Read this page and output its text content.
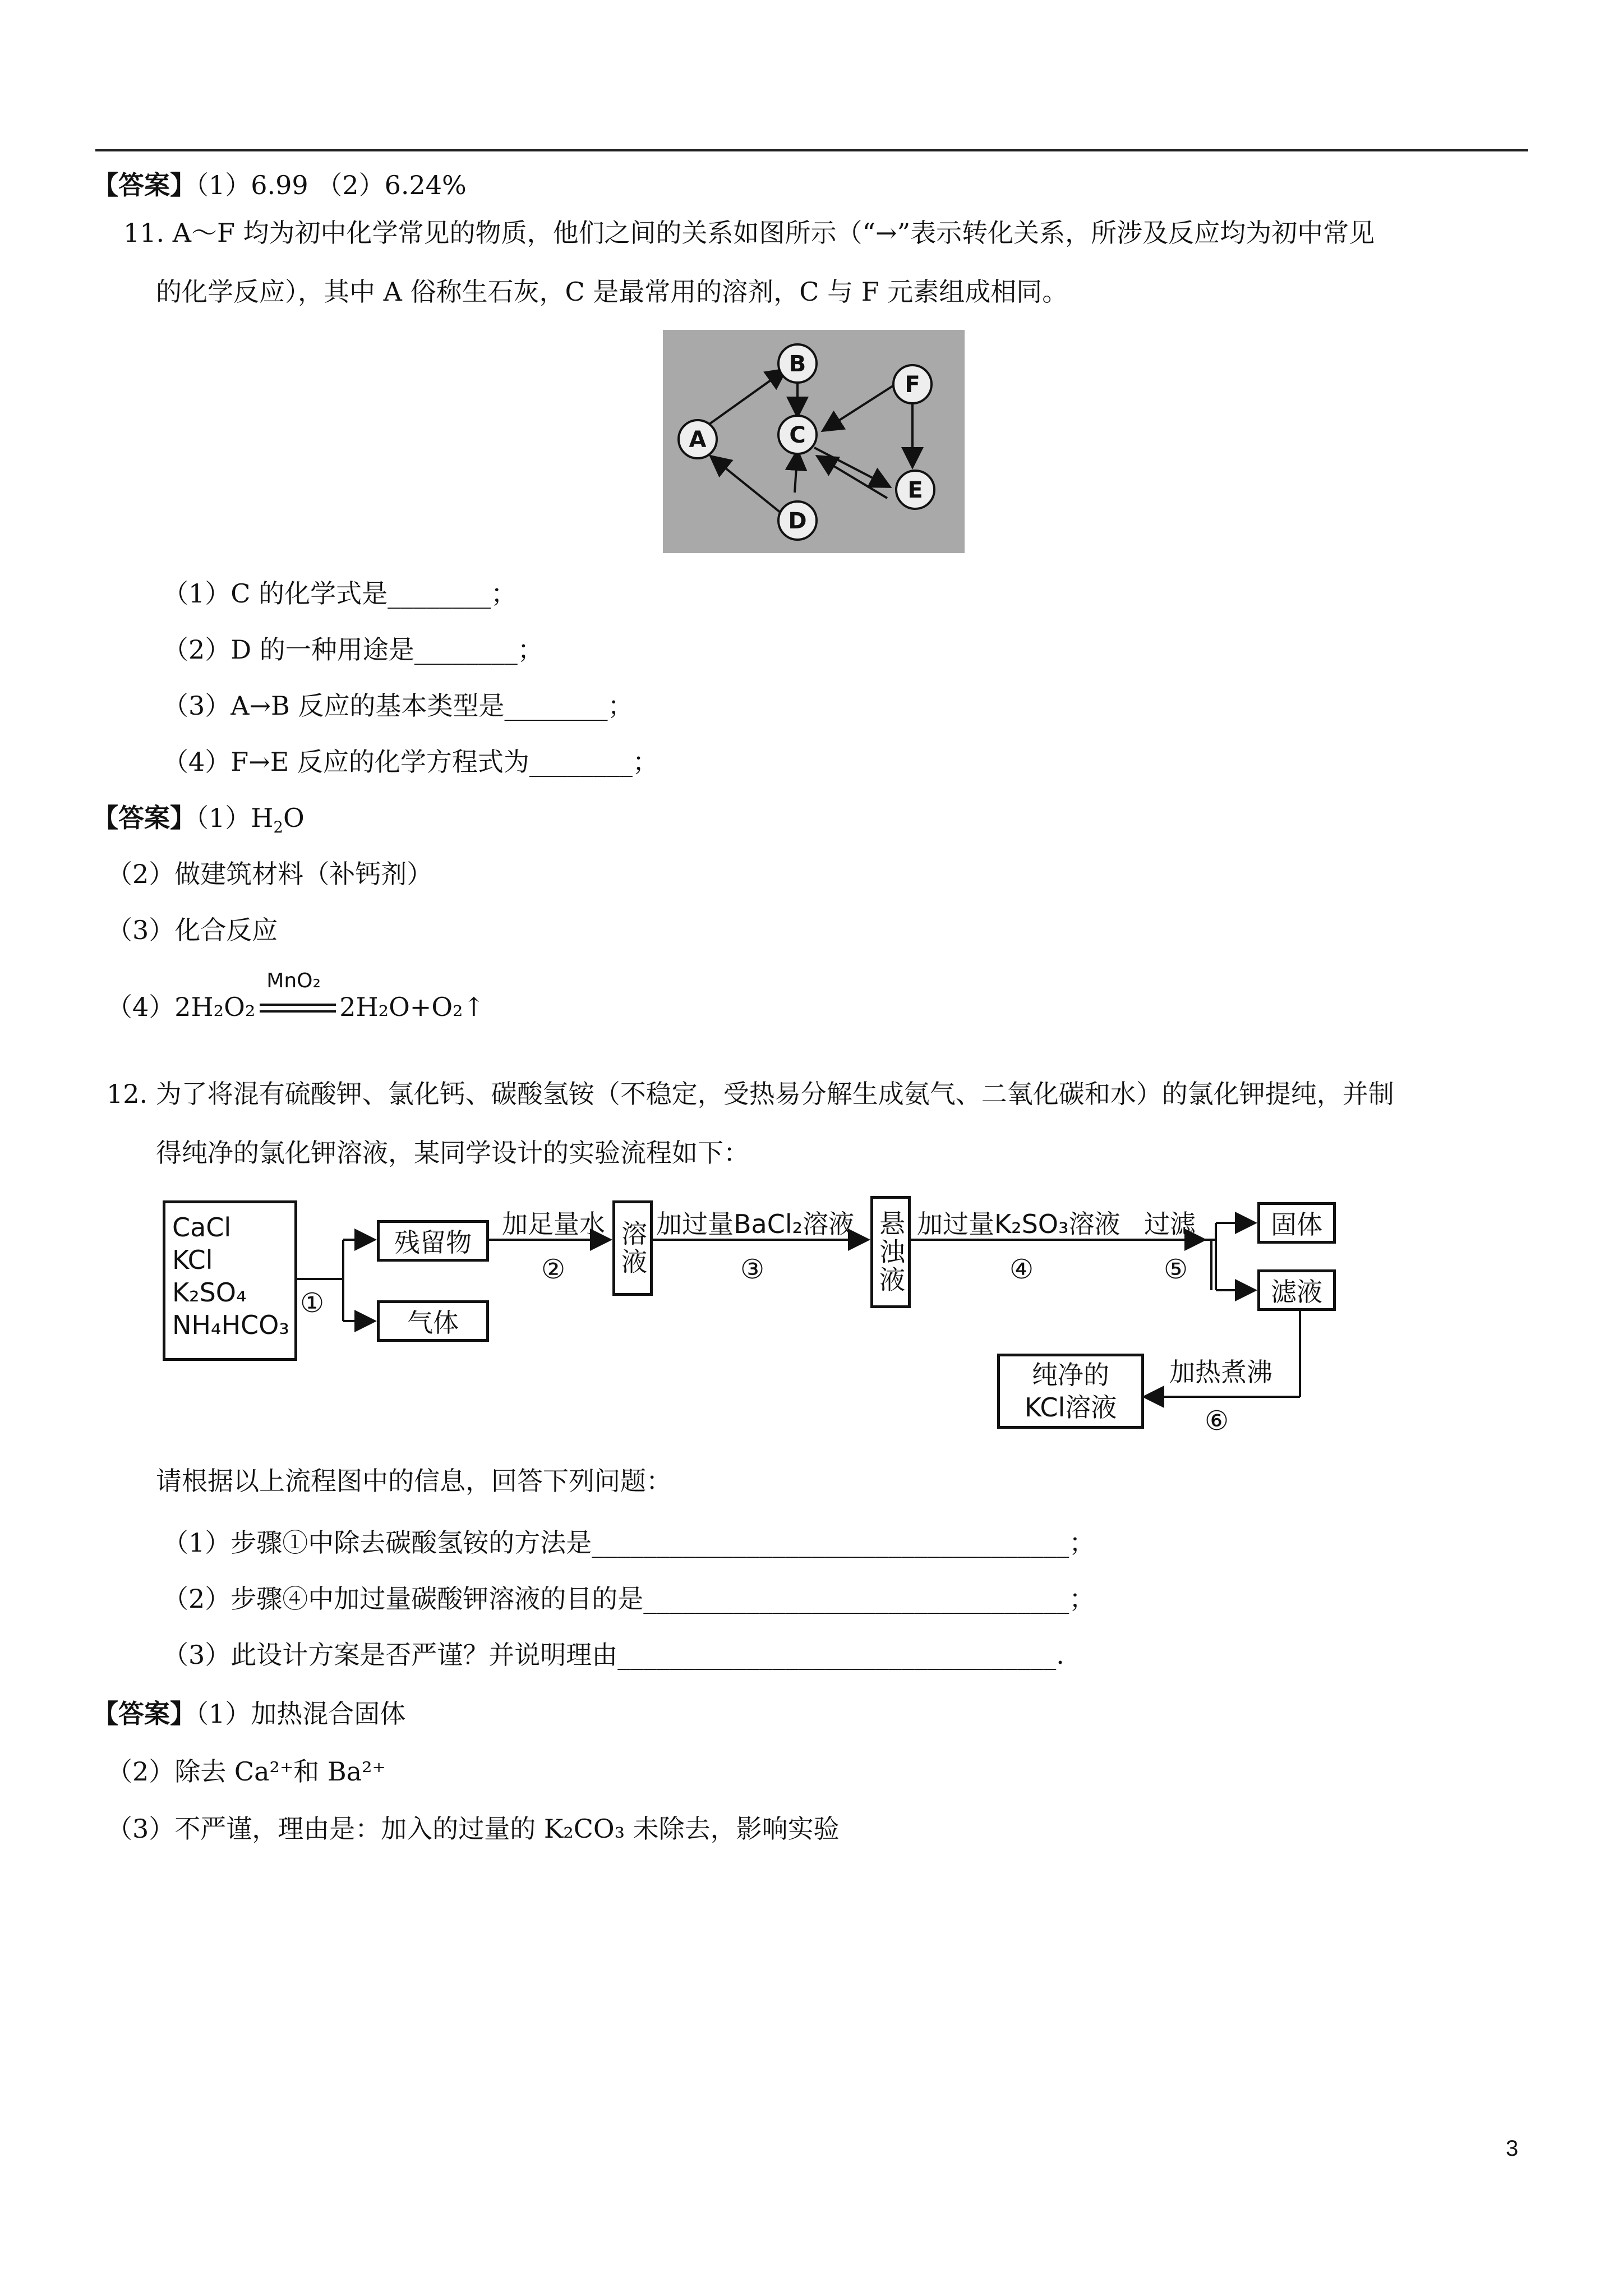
【答案】（1）6.99 （2）6.24%
11. A～F 均为初中化学常见的物质，他们之间的关系如图所示（“→”表示转化关系，所涉及反应均为初中常见
的化学反应），其中 A 俗称生石灰，C 是最常用的溶剂，C 与 F 元素组成相同。
A
B
C
D
E
F
（1）C 的化学式是________；
（2）D 的一种用途是________；
（3）A→B 反应的基本类型是________；
（4）F→E 反应的化学方程式为________；
【答案】$(1)H_2O$
（2）做建筑材料（补钙剂）
（3）化合反应
（4）2H₂O₂
MnO₂
2H₂O+O₂↑
12. 为了将混有硫酸钾、氯化钙、碳酸氢铵（不稳定，受热易分解生成氨气、二氧化碳和水）的氯化钾提纯，并制
得纯净的氯化钾溶液，某同学设计的实验流程如下：
CaCl
KCl
K₂SO₄
NH₄HCO₃
①
残留物
气体
加足量水
② 溶液 加过量BaCl₂溶液
③	悬浊液 加过量K₂SO₃溶液
④
过滤
⑤
固体
滤液
加热煮沸
⑥
纯净的
KCl溶液
请根据以上流程图中的信息，回答下列问题：
（1）步骤①中除去碳酸氢铵的方法是_____________________________________；
（2）步骤④中加过量碳酸钾溶液的目的是_________________________________；
（3）此设计方案是否严谨？并说明理由__________________________________.
【答案】（1）加热混合固体
（2）除去 Ca²⁺和 Ba²⁺
（3）不严谨，理由是：加入的过量的 K₂CO₃ 未除去，影响实验
3
